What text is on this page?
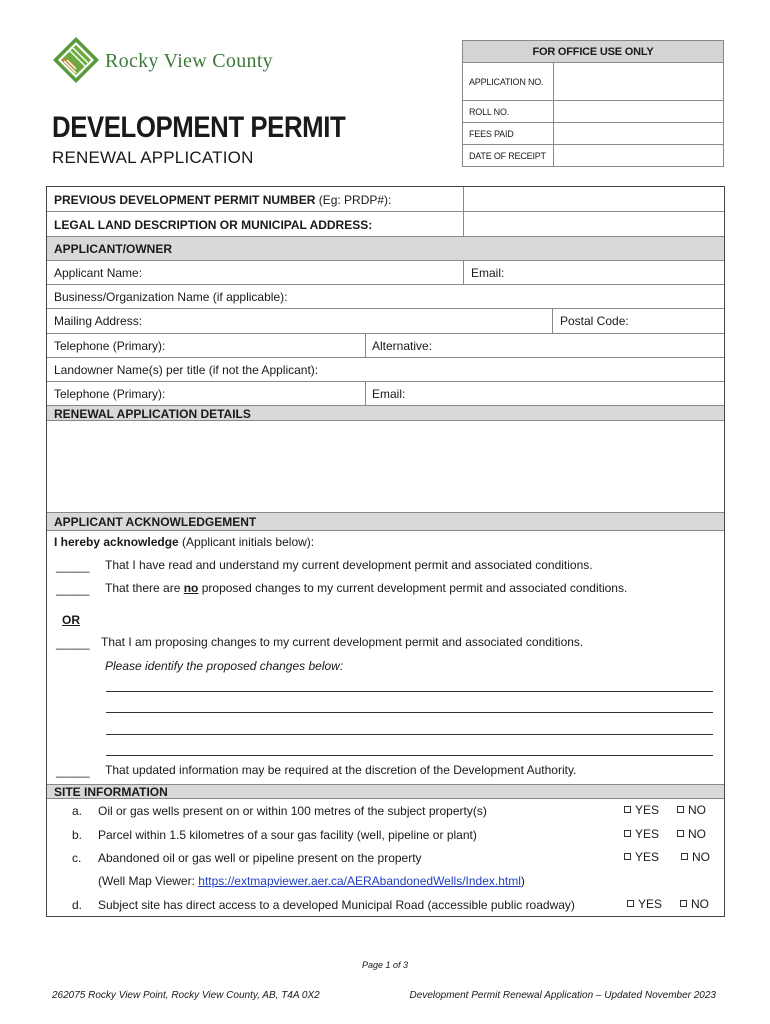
Rocky View County
DEVELOPMENT PERMIT
RENEWAL APPLICATION
FOR OFFICE USE ONLY	
APPLICATION NO.	
ROLL NO.	
FEES PAID	
DATE OF RECEIPT	
PREVIOUS DEVELOPMENT PERMIT NUMBER (Eg: PRDP#):
LEGAL LAND DESCRIPTION OR MUNICIPAL ADDRESS:
APPLICANT/OWNER
Applicant Name:	Email:
Business/Organization Name (if applicable):
Mailing Address:	Postal Code:
Telephone (Primary):	Alternative:
Landowner Name(s) per title (if not the Applicant):
Telephone (Primary):	Email:
RENEWAL APPLICATION DETAILS
APPLICANT ACKNOWLEDGEMENT
I hereby acknowledge (Applicant initials below):
_____ That I have read and understand my current development permit and associated conditions.
_____ That there are no proposed changes to my current development permit and associated conditions.
OR
_____ That I am proposing changes to my current development permit and associated conditions.
Please identify the proposed changes below:
_____ That updated information may be required at the discretion of the Development Authority.
SITE INFORMATION
a. Oil or gas wells present on or within 100 metres of the subject property(s)	YES	NO
b. Parcel within 1.5 kilometres of a sour gas facility (well, pipeline or plant)	YES	NO
c. Abandoned oil or gas well or pipeline present on the property	YES	NO
(Well Map Viewer: https://extmapviewer.aer.ca/AERAbandonedWells/Index.html)
d. Subject site has direct access to a developed Municipal Road (accessible public roadway)	YES	NO
Page 1 of 3
262075 Rocky View Point, Rocky View County, AB, T4A 0X2	Development Permit Renewal Application – Updated November 2023
